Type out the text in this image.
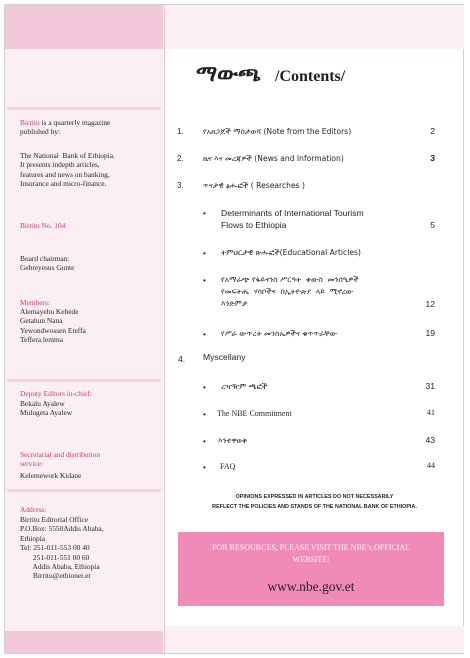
Birritu is a quarterly magazine
published by:
The National  Bank of Ethiopia.
It presents indepth articles,
features and news on banking,
Insurance and micro-finance.
Birritu No. 104
Board chairman:
Gebreyesus Gunte
Members:
Alemayehu Kebede
Getahun Nana
Yewondwossen Eteffa
Teffera lemma
Deputy Editors in-chief:
Bekalu Ayalew
Mulugeta Ayalew
Secretarial and distribution
service:
Kelemework Kidane
Address:
Birritu Editorial Office
P.O.Box: 5550Addis Ababa,
Ethiopia
Tel: 251-011-553 00 40
251-011-551 00 60
Addis Ababa, Ethiopia
Birritu@ethionet.et
ማውጫ /Contents/
1.	የአዘጋጆች ማስታወሻ (Note from the Editors)	2
2.	ዜና እና መረጃዎች (News and Information)	3
3.	ጥናታዊ ፅሑፎች ( Researches )
• Determinants of International Tourism
Flows to Ethiopia	5
• ትምህርታዊ ጽሑፎች(Educational Articles)
• የአማራጭ የፋይናንስ ሥርዓት  ቀውስ  መንስዔዎች
የመፍትሔ  ሃሳቦችና  በኢትዮጵያ  ላይ  ሚኖረው
እንድምታ	12
• የሥራ ውጥረት መንስኤዎችና ቁጥጥራቸው	19
4. Myscellany
• ረዣዥም ጫፎች	31
• The NBE Commitment	41
• እንተዋወቅ	43
• FAQ	44
OPINIONS EXPRESSED IN ARTICLES DO NOT NECESSARILY
REFLECT THE POLICIES AND STANDS OF THE NATIONAL BANK OF ETHIOPIA.
FOR RESOURCES, PLEASE VISIT THE NBE’s OFFICIAL
WEBSITE:
www.nbe.gov.et
